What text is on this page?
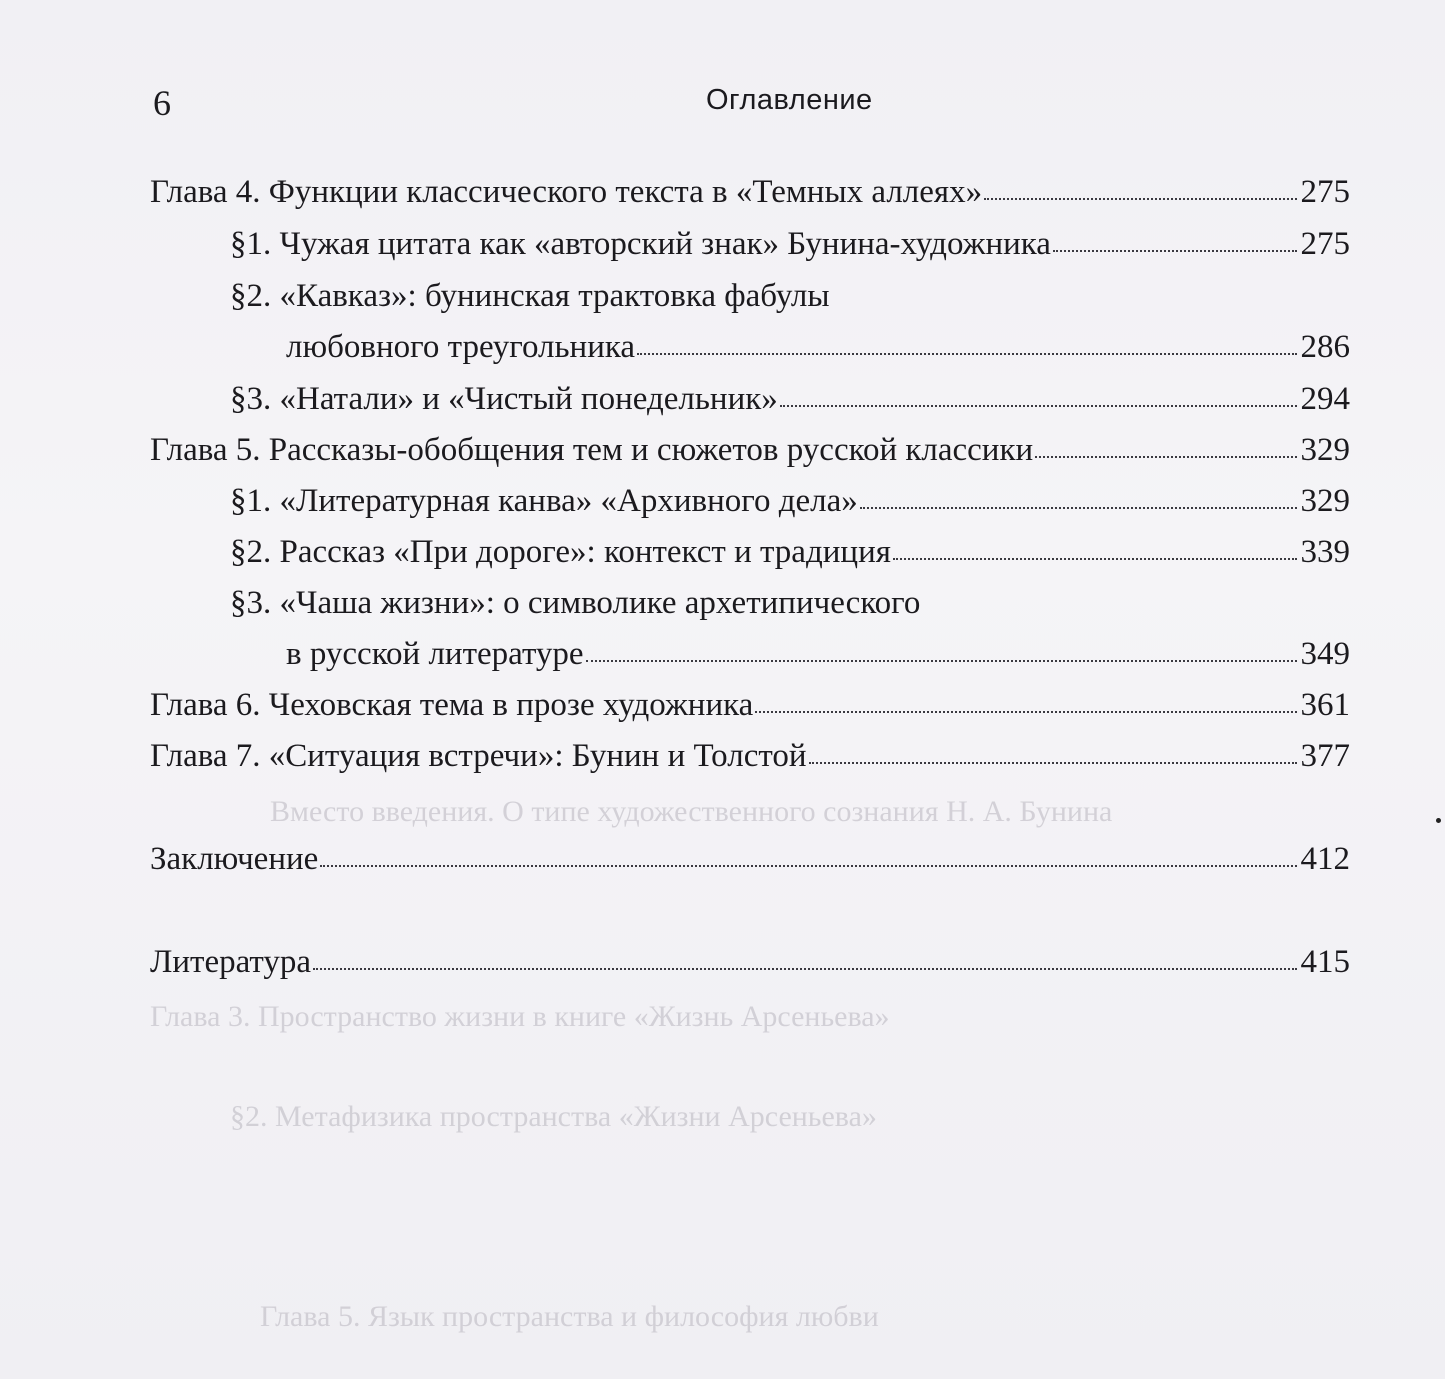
Вместо введения. О типе художественного сознания Н. А. Бунина
Глава 3. Пространство жизни в книге «Жизнь Арсеньева»
§2. Метафизика пространства «Жизни Арсеньева»
Глава 5. Язык пространства и философия любви
6	Оглавление
Глава 4. Функции классического текста в «Темных аллеях»	275
§1. Чужая цитата как «авторский знак» Бунина-художника	275
§2. «Кавказ»: бунинская трактовка фабулы
любовного треугольника	286
§3. «Натали» и «Чистый понедельник»	294
Глава 5. Рассказы-обобщения тем и сюжетов русской классики	329
§1. «Литературная канва» «Архивного дела»	329
§2. Рассказ «При дороге»: контекст и традиция	339
§3. «Чаша жизни»: о символике архетипического
в русской литературе	349
Глава 6. Чеховская тема в прозе художника	361
Глава 7. «Ситуация встречи»: Бунин и Толстой	377
Заключение	412
Литература	415
